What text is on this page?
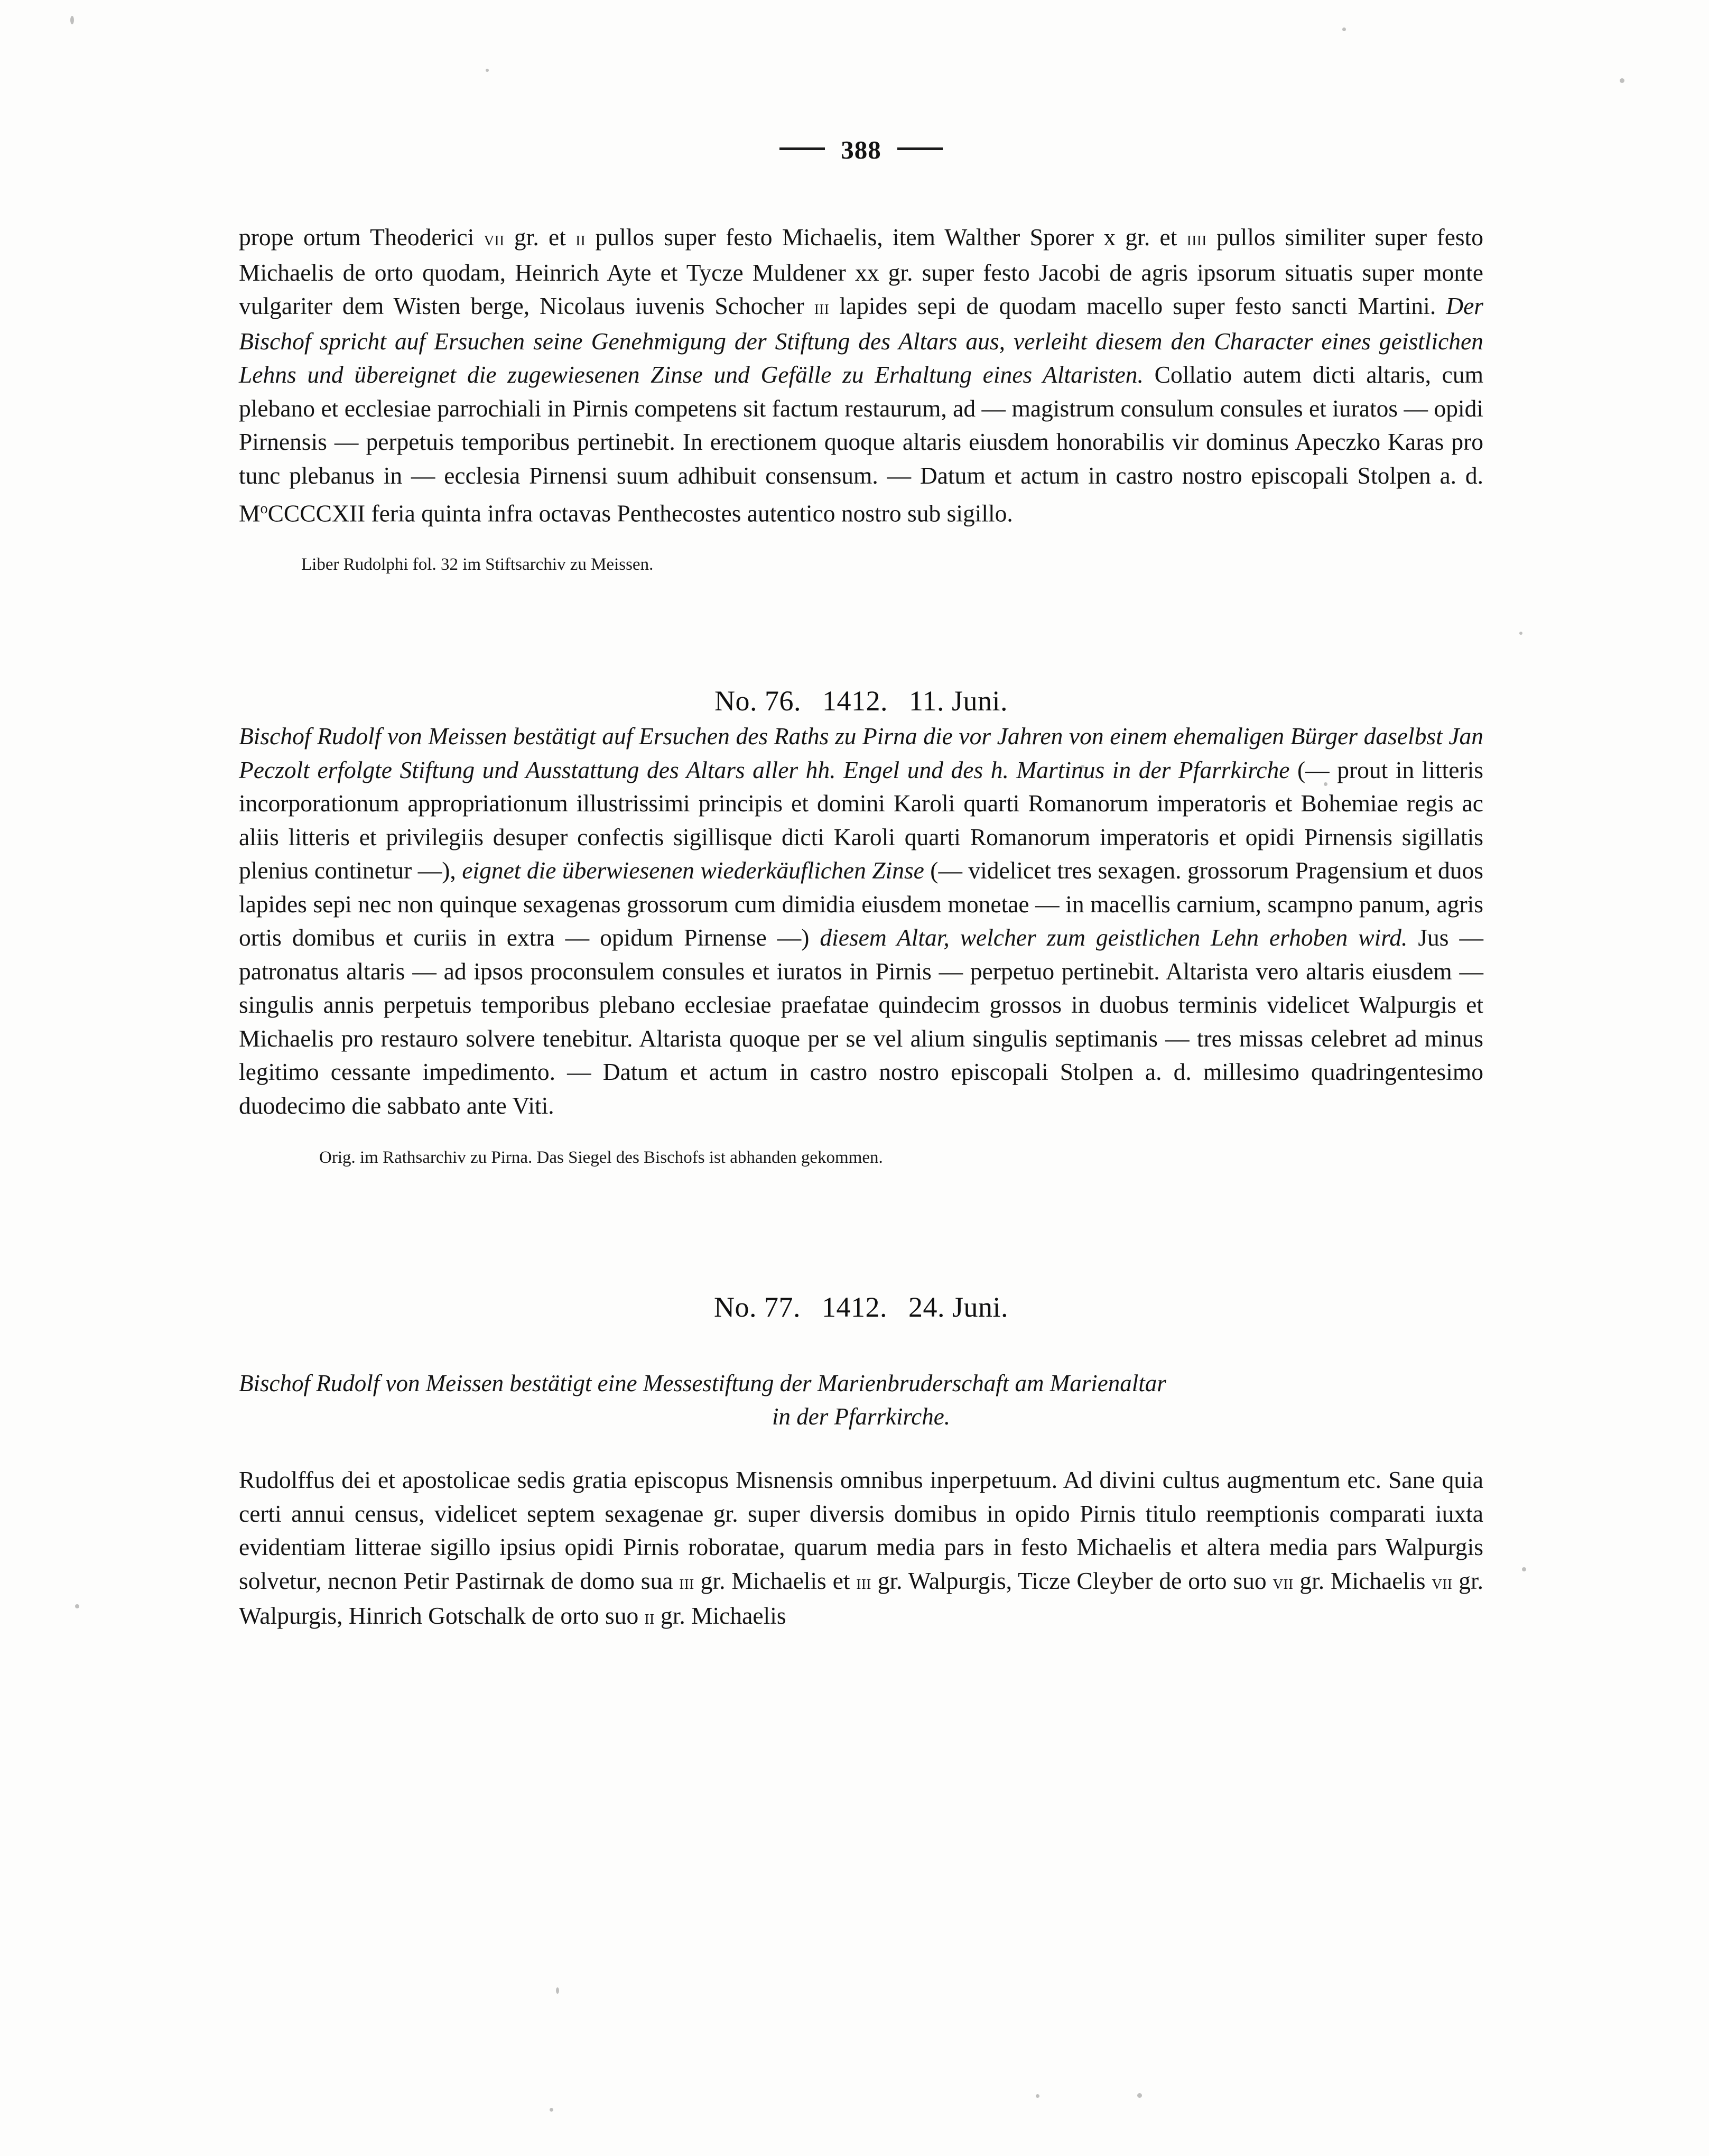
388
prope ortum Theoderici vii gr. et ii pullos super festo Michaelis, item Walther Sporer x gr. et iiii pullos similiter super festo Michaelis de orto quodam, Heinrich Ayte et Tycze Muldener xx gr. super festo Jacobi de agris ipsorum situatis super monte vulgariter dem Wisten berge, Nicolaus iuvenis Schocher iii lapides sepi de quodam macello super festo sancti Martini. Der Bischof spricht auf Ersuchen seine Genehmigung der Stiftung des Altars aus, verleiht diesem den Character eines geistlichen Lehns und übereignet die zugewiesenen Zinse und Gefälle zu Erhaltung eines Altaristen. Collatio autem dicti altaris, cum plebano et ecclesiae parrochiali in Pirnis competens sit factum restaurum, ad — magistrum consulum consules et iuratos — opidi Pirnensis — perpetuis temporibus pertinebit. In erectionem quoque altaris eiusdem honorabilis vir dominus Apeczko Karas pro tunc plebanus in — ecclesia Pirnensi suum adhibuit consensum. — Datum et actum in castro nostro episcopali Stolpen a. d. $M^oCCCCXII$ feria quinta infra octavas Penthecostes autentico nostro sub sigillo.
Liber Rudolphi fol. 32 im Stiftsarchiv zu Meissen.
No. 76. 1412. 11. Juni.
Bischof Rudolf von Meissen bestätigt auf Ersuchen des Raths zu Pirna die vor Jahren von einem ehemaligen Bürger daselbst Jan Peczolt erfolgte Stiftung und Ausstattung des Altars aller hh. Engel und des h. Martinus in der Pfarrkirche (— prout in litteris incorporationum appropriationum illustrissimi principis et domini Karoli quarti Romanorum imperatoris et Bohemiae regis ac aliis litteris et privilegiis desuper confectis sigillisque dicti Karoli quarti Romanorum imperatoris et opidi Pirnensis sigillatis plenius continetur —), eignet die überwiesenen wiederkäuflichen Zinse (— videlicet tres sexagen. grossorum Pragensium et duos lapides sepi nec non quinque sexagenas grossorum cum dimidia eiusdem monetae — in macellis carnium, scampno panum, agris ortis domibus et curiis in extra — opidum Pirnense —) diesem Altar, welcher zum geistlichen Lehn erhoben wird. Jus — patronatus altaris — ad ipsos proconsulem consules et iuratos in Pirnis — perpetuo pertinebit. Altarista vero altaris eiusdem — singulis annis perpetuis temporibus plebano ecclesiae praefatae quindecim grossos in duobus terminis videlicet Walpurgis et Michaelis pro restauro solvere tenebitur. Altarista quoque per se vel alium singulis septimanis — tres missas celebret ad minus legitimo cessante impedimento. — Datum et actum in castro nostro episcopali Stolpen a. d. millesimo quadringentesimo duodecimo die sabbato ante Viti.
Orig. im Rathsarchiv zu Pirna. Das Siegel des Bischofs ist abhanden gekommen.
No. 77. 1412. 24. Juni.
Bischof Rudolf von Meissen bestätigt eine Messestiftung der Marienbruderschaft am Marienaltar
in der Pfarrkirche.
Rudolffus dei et apostolicae sedis gratia episcopus Misnensis omnibus inperpetuum. Ad divini cultus augmentum etc. Sane quia certi annui census, videlicet septem sexagenae gr. super diversis domibus in opido Pirnis titulo reemptionis comparati iuxta evidentiam litterae sigillo ipsius opidi Pirnis roboratae, quarum media pars in festo Michaelis et altera media pars Walpurgis solvetur, necnon Petir Pastirnak de domo sua iii gr. Michaelis et iii gr. Walpurgis, Ticze Cleyber de orto suo vii gr. Michaelis vii gr. Walpurgis, Hinrich Gotschalk de orto suo ii gr. Michaelis
